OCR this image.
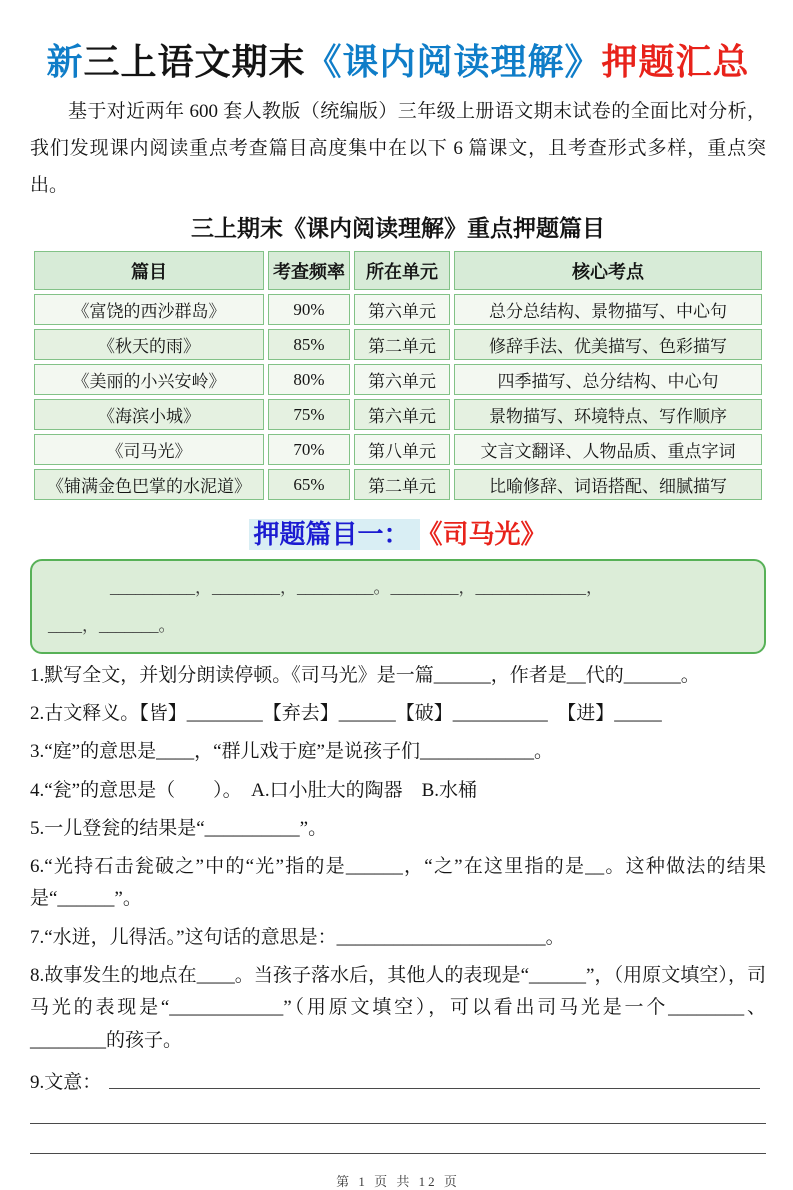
新三上语文期末《课内阅读理解》押题汇总

基于对近两年 600 套人教版（统编版）三年级上册语文期末试卷的全面比对分析，我们发现课内阅读重点考查篇目高度集中在以下 6 篇课文，且考查形式多样，重点突出。

三上期末《课内阅读理解》重点押题篇目
篇目	考查频率	所在单元	核心考点
《富饶的西沙群岛》	90%	第六单元	总分总结构、景物描写、中心句
《秋天的雨》	85%	第二单元	修辞手法、优美描写、色彩描写
《美丽的小兴安岭》	80%	第六单元	四季描写、总分结构、中心句
《海滨小城》	75%	第六单元	景物描写、环境特点、写作顺序
《司马光》	70%	第八单元	文言文翻译、人物品质、重点字词
《铺满金色巴掌的水泥道》	65%	第二单元	比喻修辞、词语搭配、细腻描写
押题篇目一： 《司马光》

__________，________，_________。________，_____________，

____，_______。

1.默写全文，并划分朗读停顿。《司马光》是一篇______，作者是__代的______。
2.古文释义。【皆】________【弃去】______【破】__________　【进】_____
3.“庭”的意思是____，“群儿戏于庭”是说孩子们____________。
4.“瓮”的意思是（　　）。　A.口小肚大的陶器　B.水桶
5.一儿登瓮的结果是“__________”。
6.“光持石击瓮破之”中的“光”指的是______，“之”在这里指的是__。这种做法的结果是“______”。
7.“水迸，儿得活。”这句话的意思是：______________________。
8.故事发生的地点在____。当孩子落水后，其他人的表现是“______”，（用原文填空），司马光的表现是“____________”（用原文填空），可以看出司马光是一个________、________的孩子。
9.文意：
第 1 页 共 12 页
